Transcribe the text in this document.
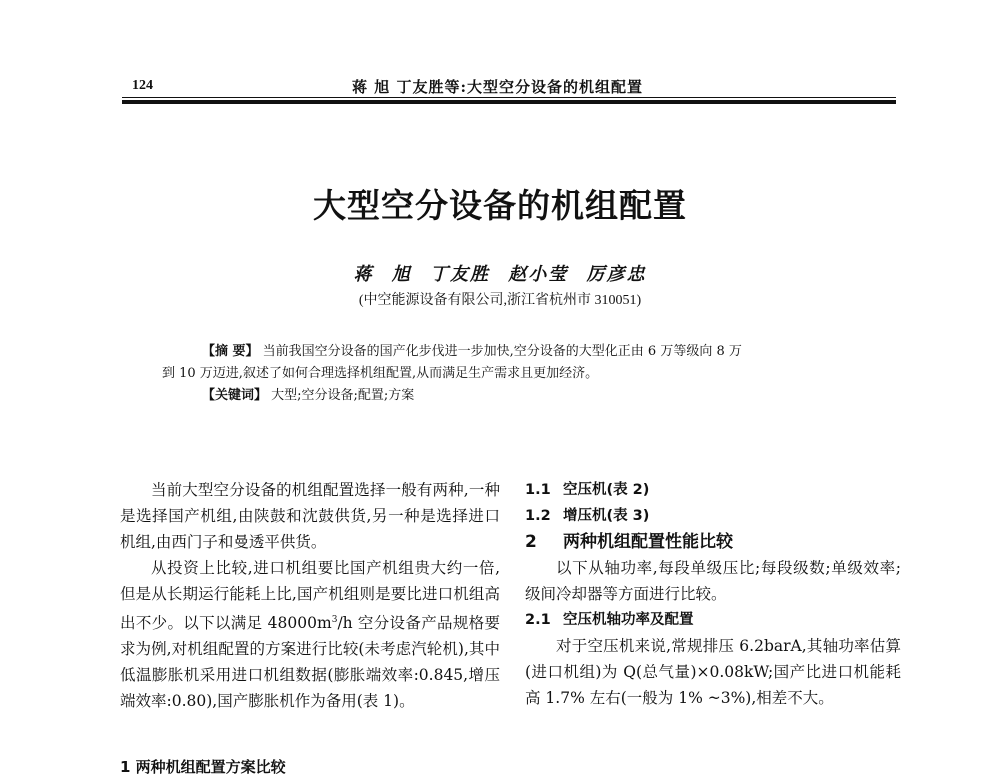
124	蒋 旭 丁友胜等:大型空分设备的机组配置
大型空分设备的机组配置
蒋 旭 丁友胜 赵小莹 厉彦忠
(中空能源设备有限公司,浙江省杭州市 310051)
【摘 要】 当前我国空分设备的国产化步伐进一步加快,空分设备的大型化正由 6 万等级向 8 万
到 10 万迈进,叙述了如何合理选择机组配置,从而满足生产需求且更加经济。
【关键词】 大型;空分设备;配置;方案

当前大型空分设备的机组配置选择一般有两种,一种是选择国产机组,由陕鼓和沈鼓供货,另一种是选择进口机组,由西门子和曼透平供货。

从投资上比较,进口机组要比国产机组贵大约一倍,但是从长期运行能耗上比,国产机组则是要比进口机组高出不少。以下以满足 $48000m^3/h$ 空分设备产品规格要求为例,对机组配置的方案进行比较(未考虑汽轮机),其中低温膨胀机采用进口机组数据(膨胀端效率:0.845,增压端效率:0.80),国产膨胀机作为备用(表 1)。

1 两种机组配置方案比较

1.1 空压机(表 2)

1.2 增压机(表 3)

2 两种机组配置性能比较

以下从轴功率,每段单级压比;每段级数;单级效率;级间冷却器等方面进行比较。

2.1 空压机轴功率及配置

对于空压机来说,常规排压 6.2barA,其轴功率估算(进口机组)为 Q(总气量)×0.08kW;国产比进口机能耗高 1.7% 左右(一般为 1% ~3%),相差不大。
